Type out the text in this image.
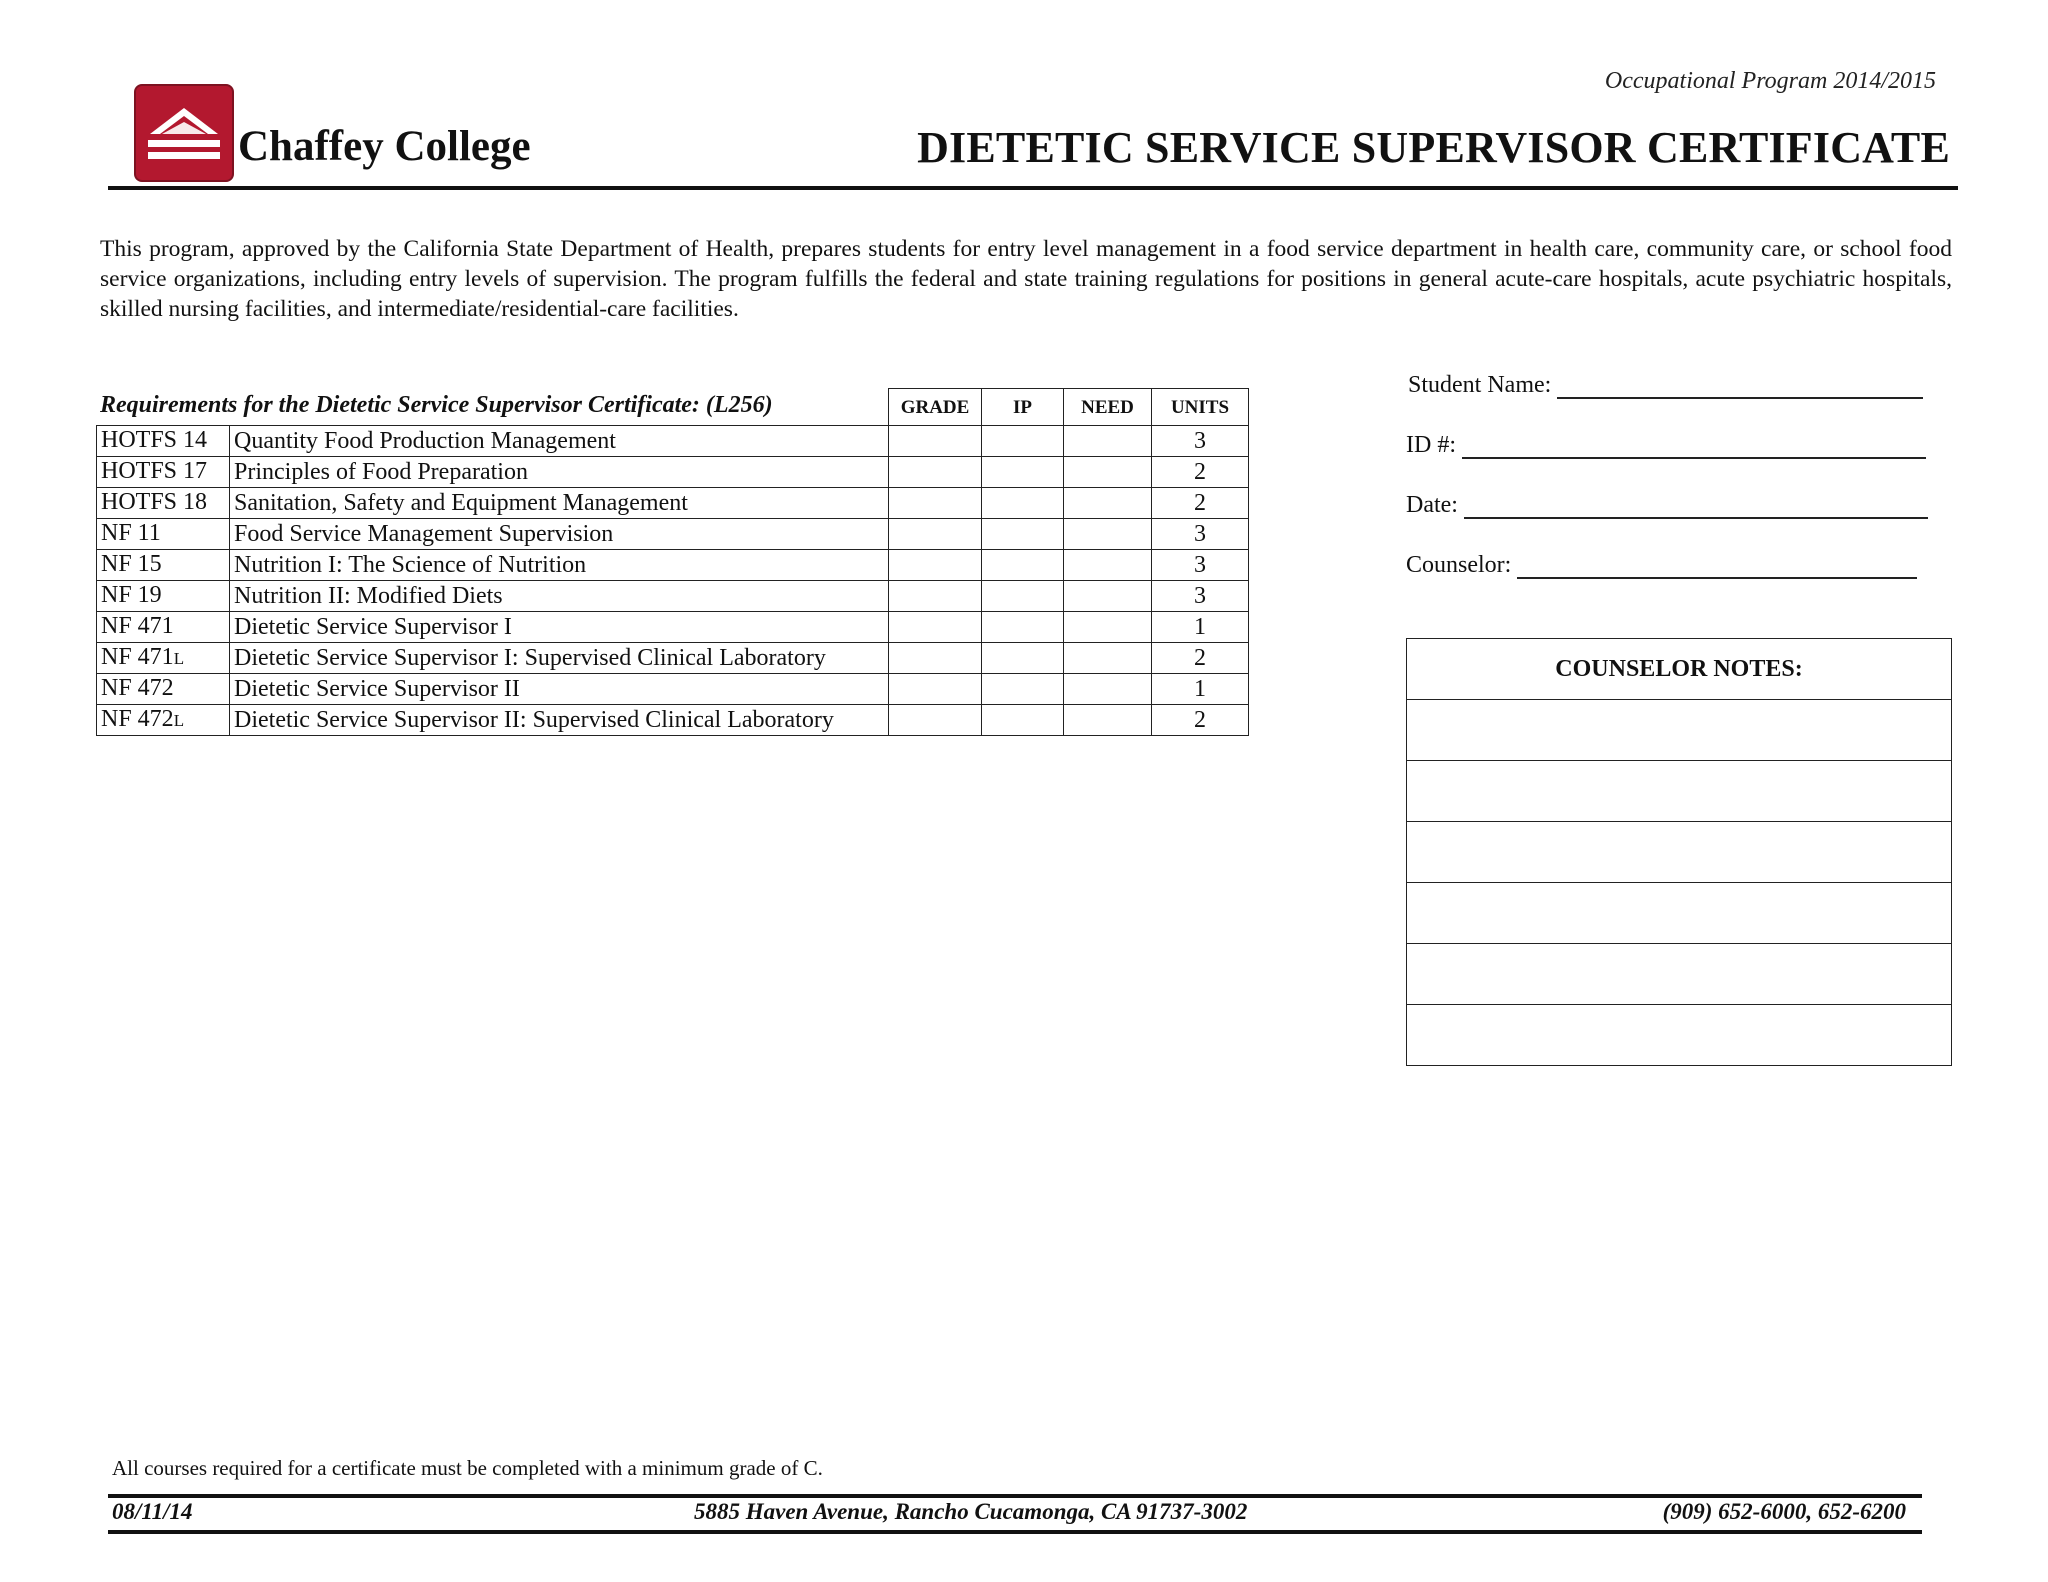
Occupational Program 2014/2015
Chaffey College	DIETETIC SERVICE SUPERVISOR CERTIFICATE
This program, approved by the California State Department of Health, prepares students for entry level management in a food service department in health care, community care, or school food service organizations, including entry levels of supervision. The program fulfills the federal and state training regulations for positions in general acute-care hospitals, acute psychiatric hospitals, skilled nursing facilities, and intermediate/residential-care facilities.
		GRADE	IP	NEED	UNITS
HOTFS 14	Quantity Food Production Management				3
HOTFS 17	Principles of Food Preparation				2
HOTFS 18	Sanitation, Safety and Equipment Management				2
NF 11	Food Service Management Supervision				3
NF 15	Nutrition I: The Science of Nutrition				3
NF 19	Nutrition II: Modified Diets				3
NF 471	Dietetic Service Supervisor I				1
NF 471L	Dietetic Service Supervisor I: Supervised Clinical Laboratory				2
NF 472	Dietetic Service Supervisor II				1
NF 472L	Dietetic Service Supervisor II: Supervised Clinical Laboratory				2
Requirements for the Dietetic Service Supervisor Certificate: (L256)
Student Name:
ID #:
Date:
Counselor:
COUNSELOR NOTES:
All courses required for a certificate must be completed with a minimum grade of C.
08/11/14	5885 Haven Avenue, Rancho Cucamonga, CA 91737-3002	(909) 652-6000, 652-6200
